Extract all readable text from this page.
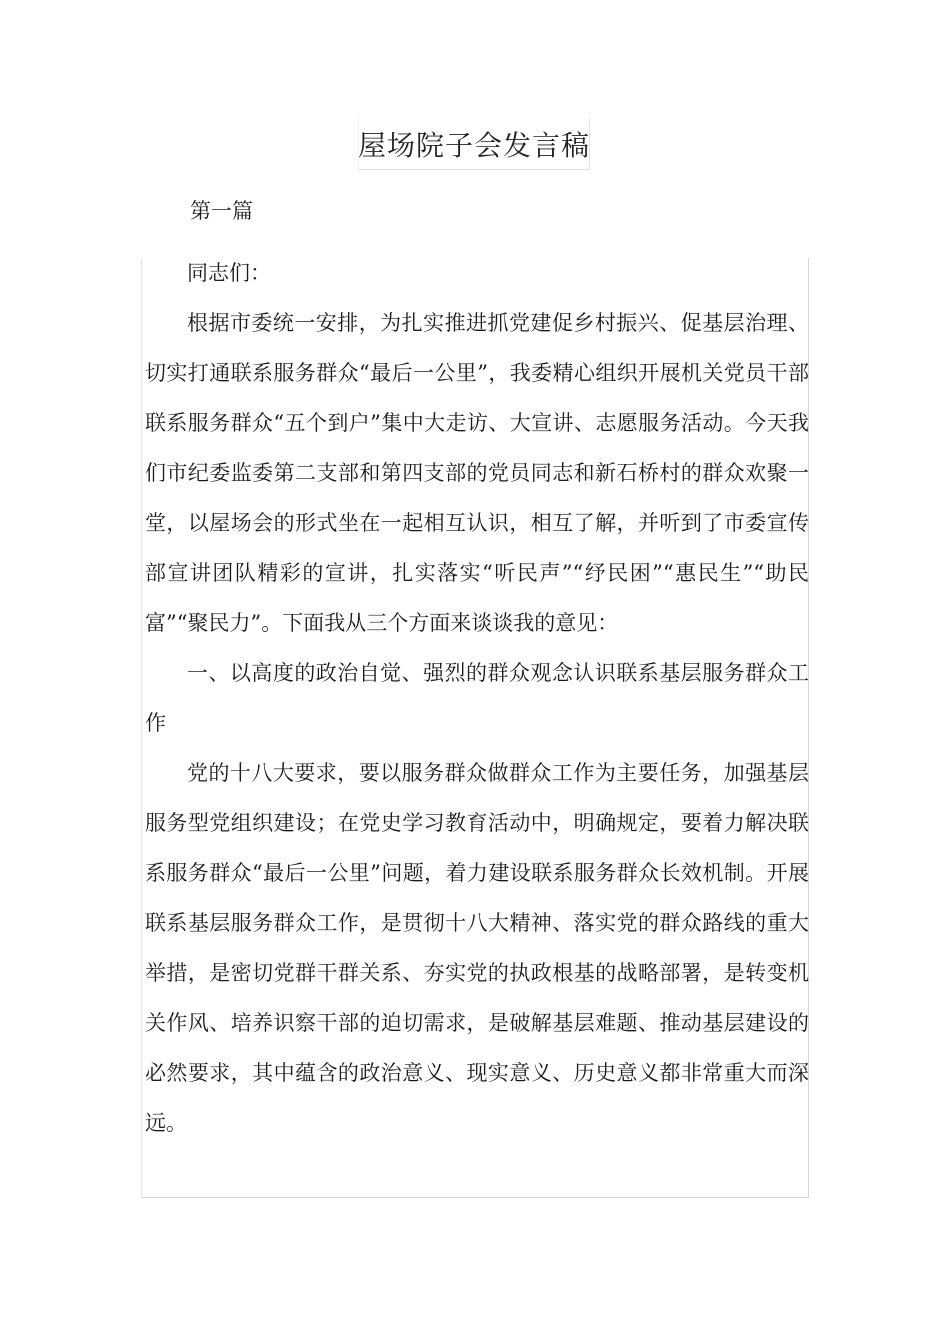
屋场院子会发言稿
第一篇

同志们：

根据市委统一安排，为扎实推进抓党建促乡村振兴、促基层治理、切实打通联系服务群众“最后一公里”，我委精心组织开展机关党员干部联系服务群众“五个到户”集中大走访、大宣讲、志愿服务活动。今天我们市纪委监委第二支部和第四支部的党员同志和新石桥村的群众欢聚一堂，以屋场会的形式坐在一起相互认识，相互了解，并听到了市委宣传部宣讲团队精彩的宣讲，扎实落实“听民声”“纾民困”“惠民生”“助民富”“聚民力”。下面我从三个方面来谈谈我的意见：

一、以高度的政治自觉、强烈的群众观念认识联系基层服务群众工作

党的十八大要求，要以服务群众做群众工作为主要任务，加强基层服务型党组织建设；在党史学习教育活动中，明确规定，要着力解决联系服务群众“最后一公里”问题，着力建设联系服务群众长效机制。开展联系基层服务群众工作，是贯彻十八大精神、落实党的群众路线的重大举措，是密切党群干群关系、夯实党的执政根基的战略部署，是转变机关作风、培养识察干部的迫切需求，是破解基层难题、推动基层建设的必然要求，其中蕴含的政治意义、现实意义、历史意义都非常重大而深远。
